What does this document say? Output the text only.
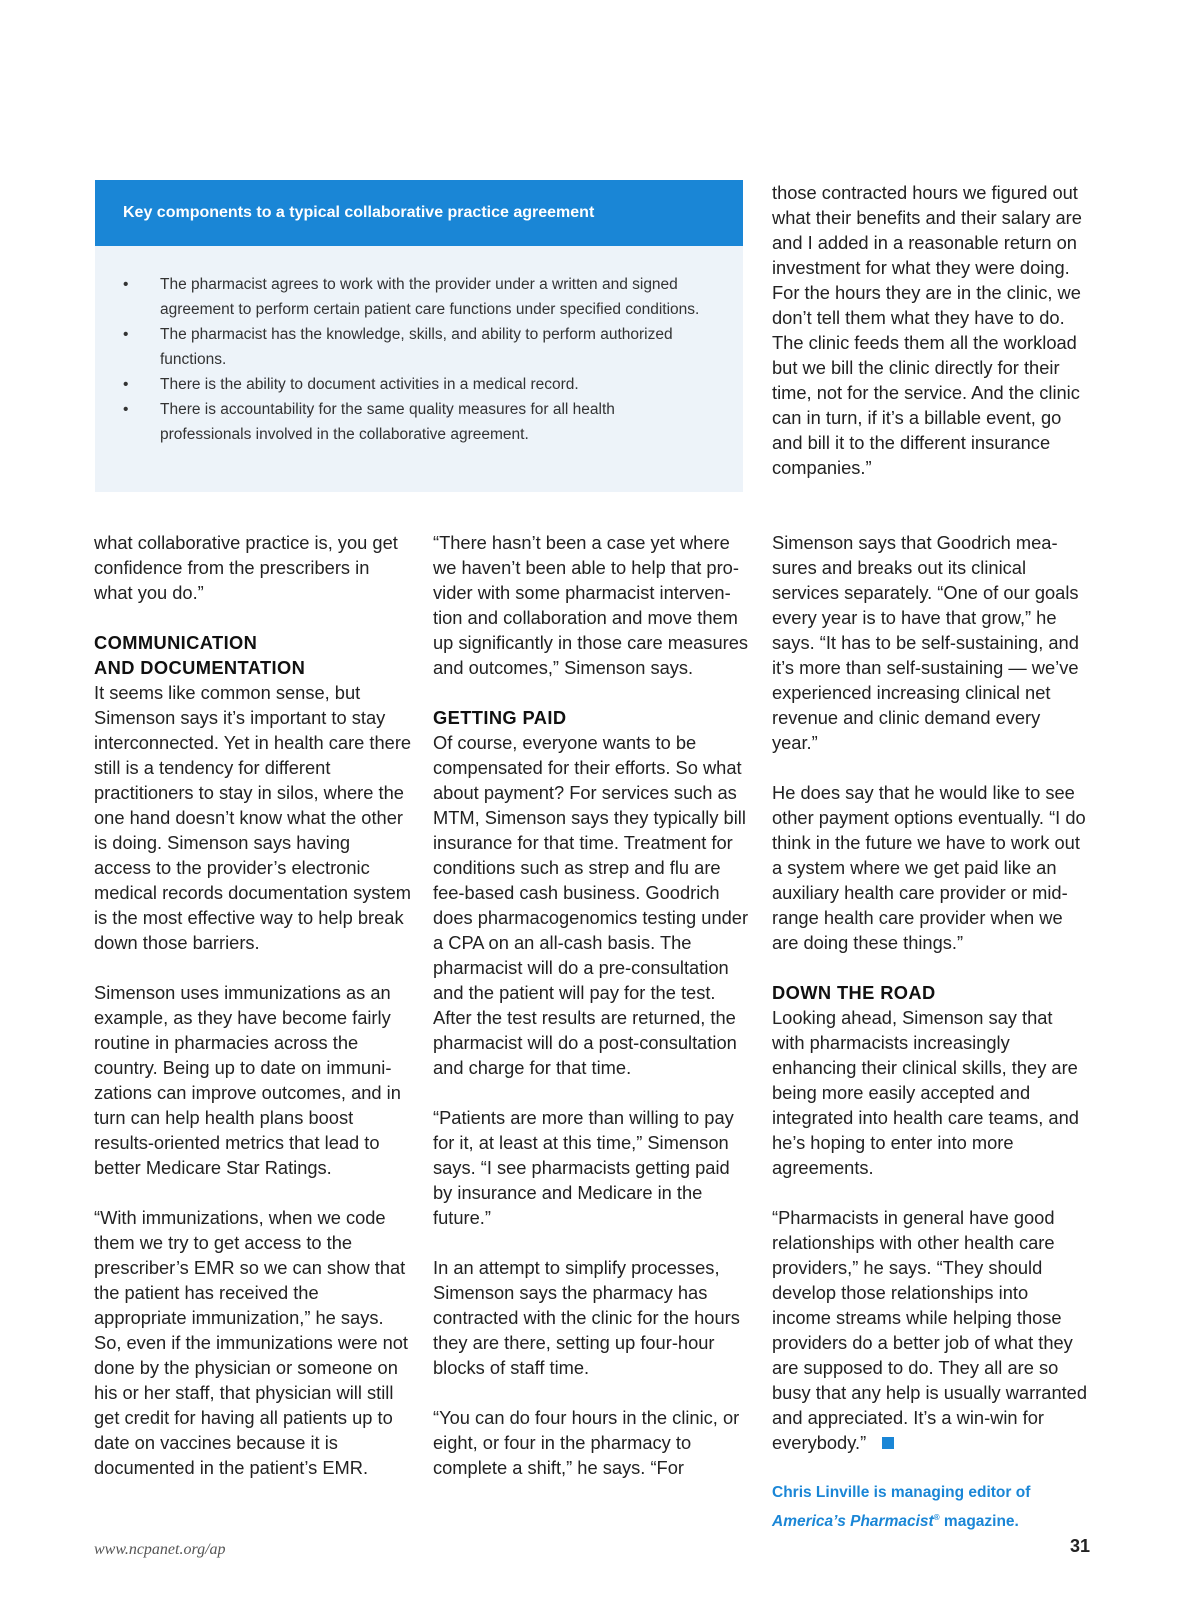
Key components to a typical collaborative practice agreement
• The pharmacist agrees to work with the provider under a written and signed agreement to perform certain patient care functions under specified conditions.
• The pharmacist has the knowledge, skills, and ability to perform authorized functions.
• There is the ability to document activities in a medical record.
• There is accountability for the same quality measures for all health professionals involved in the collaborative agreement.

what collaborative practice is, you get confidence from the prescribers in what you do.”

COMMUNICATION
AND DOCUMENTATION

It seems like common sense, but Simenson says it’s important to stay interconnected. Yet in health care there still is a tendency for different practitioners to stay in silos, where the one hand doesn’t know what the other is doing. Simenson says having access to the provider’s electronic medical records documentation system is the most effective way to help break down those barriers.

Simenson uses immunizations as an example, as they have become fairly routine in pharmacies across the country. Being up to date on immunizations can improve outcomes, and in turn can help health plans boost results-oriented metrics that lead to better Medicare Star Ratings.

“With immunizations, when we code them we try to get access to the prescriber’s EMR so we can show that the patient has received the appropriate immunization,” he says. So, even if the immunizations were not done by the physician or someone on his or her staff, that physician will still get credit for having all patients up to date on vaccines because it is documented in the patient’s EMR.

“There hasn’t been a case yet where we haven’t been able to help that provider with some pharmacist intervention and collaboration and move them up significantly in those care measures and outcomes,” Simenson says.

GETTING PAID

Of course, everyone wants to be compensated for their efforts. So what about payment? For services such as MTM, Simenson says they typically bill insurance for that time. Treatment for conditions such as strep and flu are fee-based cash business. Goodrich does pharmacogenomics testing under a CPA on an all-cash basis. The pharmacist will do a pre-consultation and the patient will pay for the test. After the test results are returned, the pharmacist will do a post-consultation and charge for that time.

“Patients are more than willing to pay for it, at least at this time,” Simenson says. “I see pharmacists getting paid by insurance and Medicare in the future.”

In an attempt to simplify processes, Simenson says the pharmacy has contracted with the clinic for the hours they are there, setting up four-hour blocks of staff time.

“You can do four hours in the clinic, or eight, or four in the pharmacy to complete a shift,” he says. “For

those contracted hours we figured out what their benefits and their salary are and I added in a reasonable return on investment for what they were doing. For the hours they are in the clinic, we don’t tell them what they have to do. The clinic feeds them all the workload but we bill the clinic directly for their time, not for the service. And the clinic can in turn, if it’s a billable event, go and bill it to the different insurance companies.”

Simenson says that Goodrich measures and breaks out its clinical services separately. “One of our goals every year is to have that grow,” he says. “It has to be self-sustaining, and it’s more than self-sustaining — we’ve experienced increasing clinical net revenue and clinic demand every year.”

He does say that he would like to see other payment options eventually. “I do think in the future we have to work out a system where we get paid like an auxiliary health care provider or mid-range health care provider when we are doing these things.”

DOWN THE ROAD

Looking ahead, Simenson say that with pharmacists increasingly enhancing their clinical skills, they are being more easily accepted and integrated into health care teams, and he’s hoping to enter into more agreements.

“Pharmacists in general have good relationships with other health care providers,” he says. “They should develop those relationships into income streams while helping those providers do a better job of what they are supposed to do. They all are so busy that any help is usually warranted and appreciated. It’s a win-win for everybody.”

Chris Linville is managing editor of
America’s Pharmacist® magazine.

www.ncpanet.org/ap	31
